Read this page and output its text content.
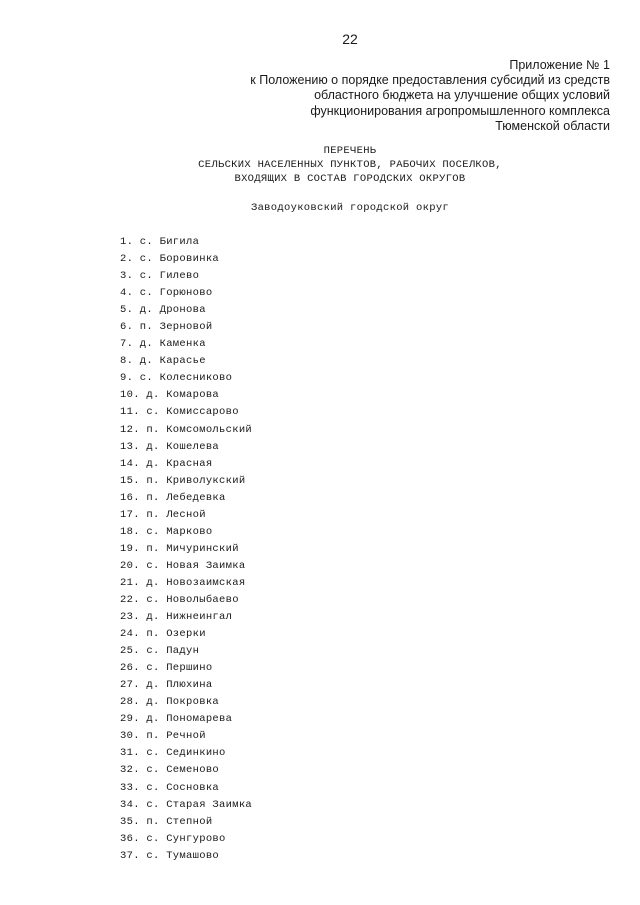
22
Приложение № 1
к Положению о порядке предоставления субсидий из средств
областного бюджета на улучшение общих условий
функционирования агропромышленного комплекса
Тюменской области
ПЕРЕЧЕНЬ
СЕЛЬСКИХ НАСЕЛЕННЫХ ПУНКТОВ, РАБОЧИХ ПОСЕЛКОВ,
ВХОДЯЩИХ В СОСТАВ ГОРОДСКИХ ОКРУГОВ
Заводоуковский городской округ
1. с. Бигила
2. с. Боровинка
3. с. Гилево
4. с. Горюново
5. д. Дронова
6. п. Зерновой
7. д. Каменка
8. д. Карасье
9. с. Колесниково
10. д. Комарова
11. с. Комиссарово
12. п. Комсомольский
13. д. Кошелева
14. д. Красная
15. п. Криволукский
16. п. Лебедевка
17. п. Лесной
18. с. Марково
19. п. Мичуринский
20. с. Новая Заимка
21. д. Новозаимская
22. с. Новолыбаево
23. д. Нижнеингал
24. п. Озерки
25. с. Падун
26. с. Першино
27. д. Плюхина
28. д. Покровка
29. д. Пономарева
30. п. Речной
31. с. Сединкино
32. с. Семеново
33. с. Сосновка
34. с. Старая Заимка
35. п. Степной
36. с. Сунгурово
37. с. Тумашово
